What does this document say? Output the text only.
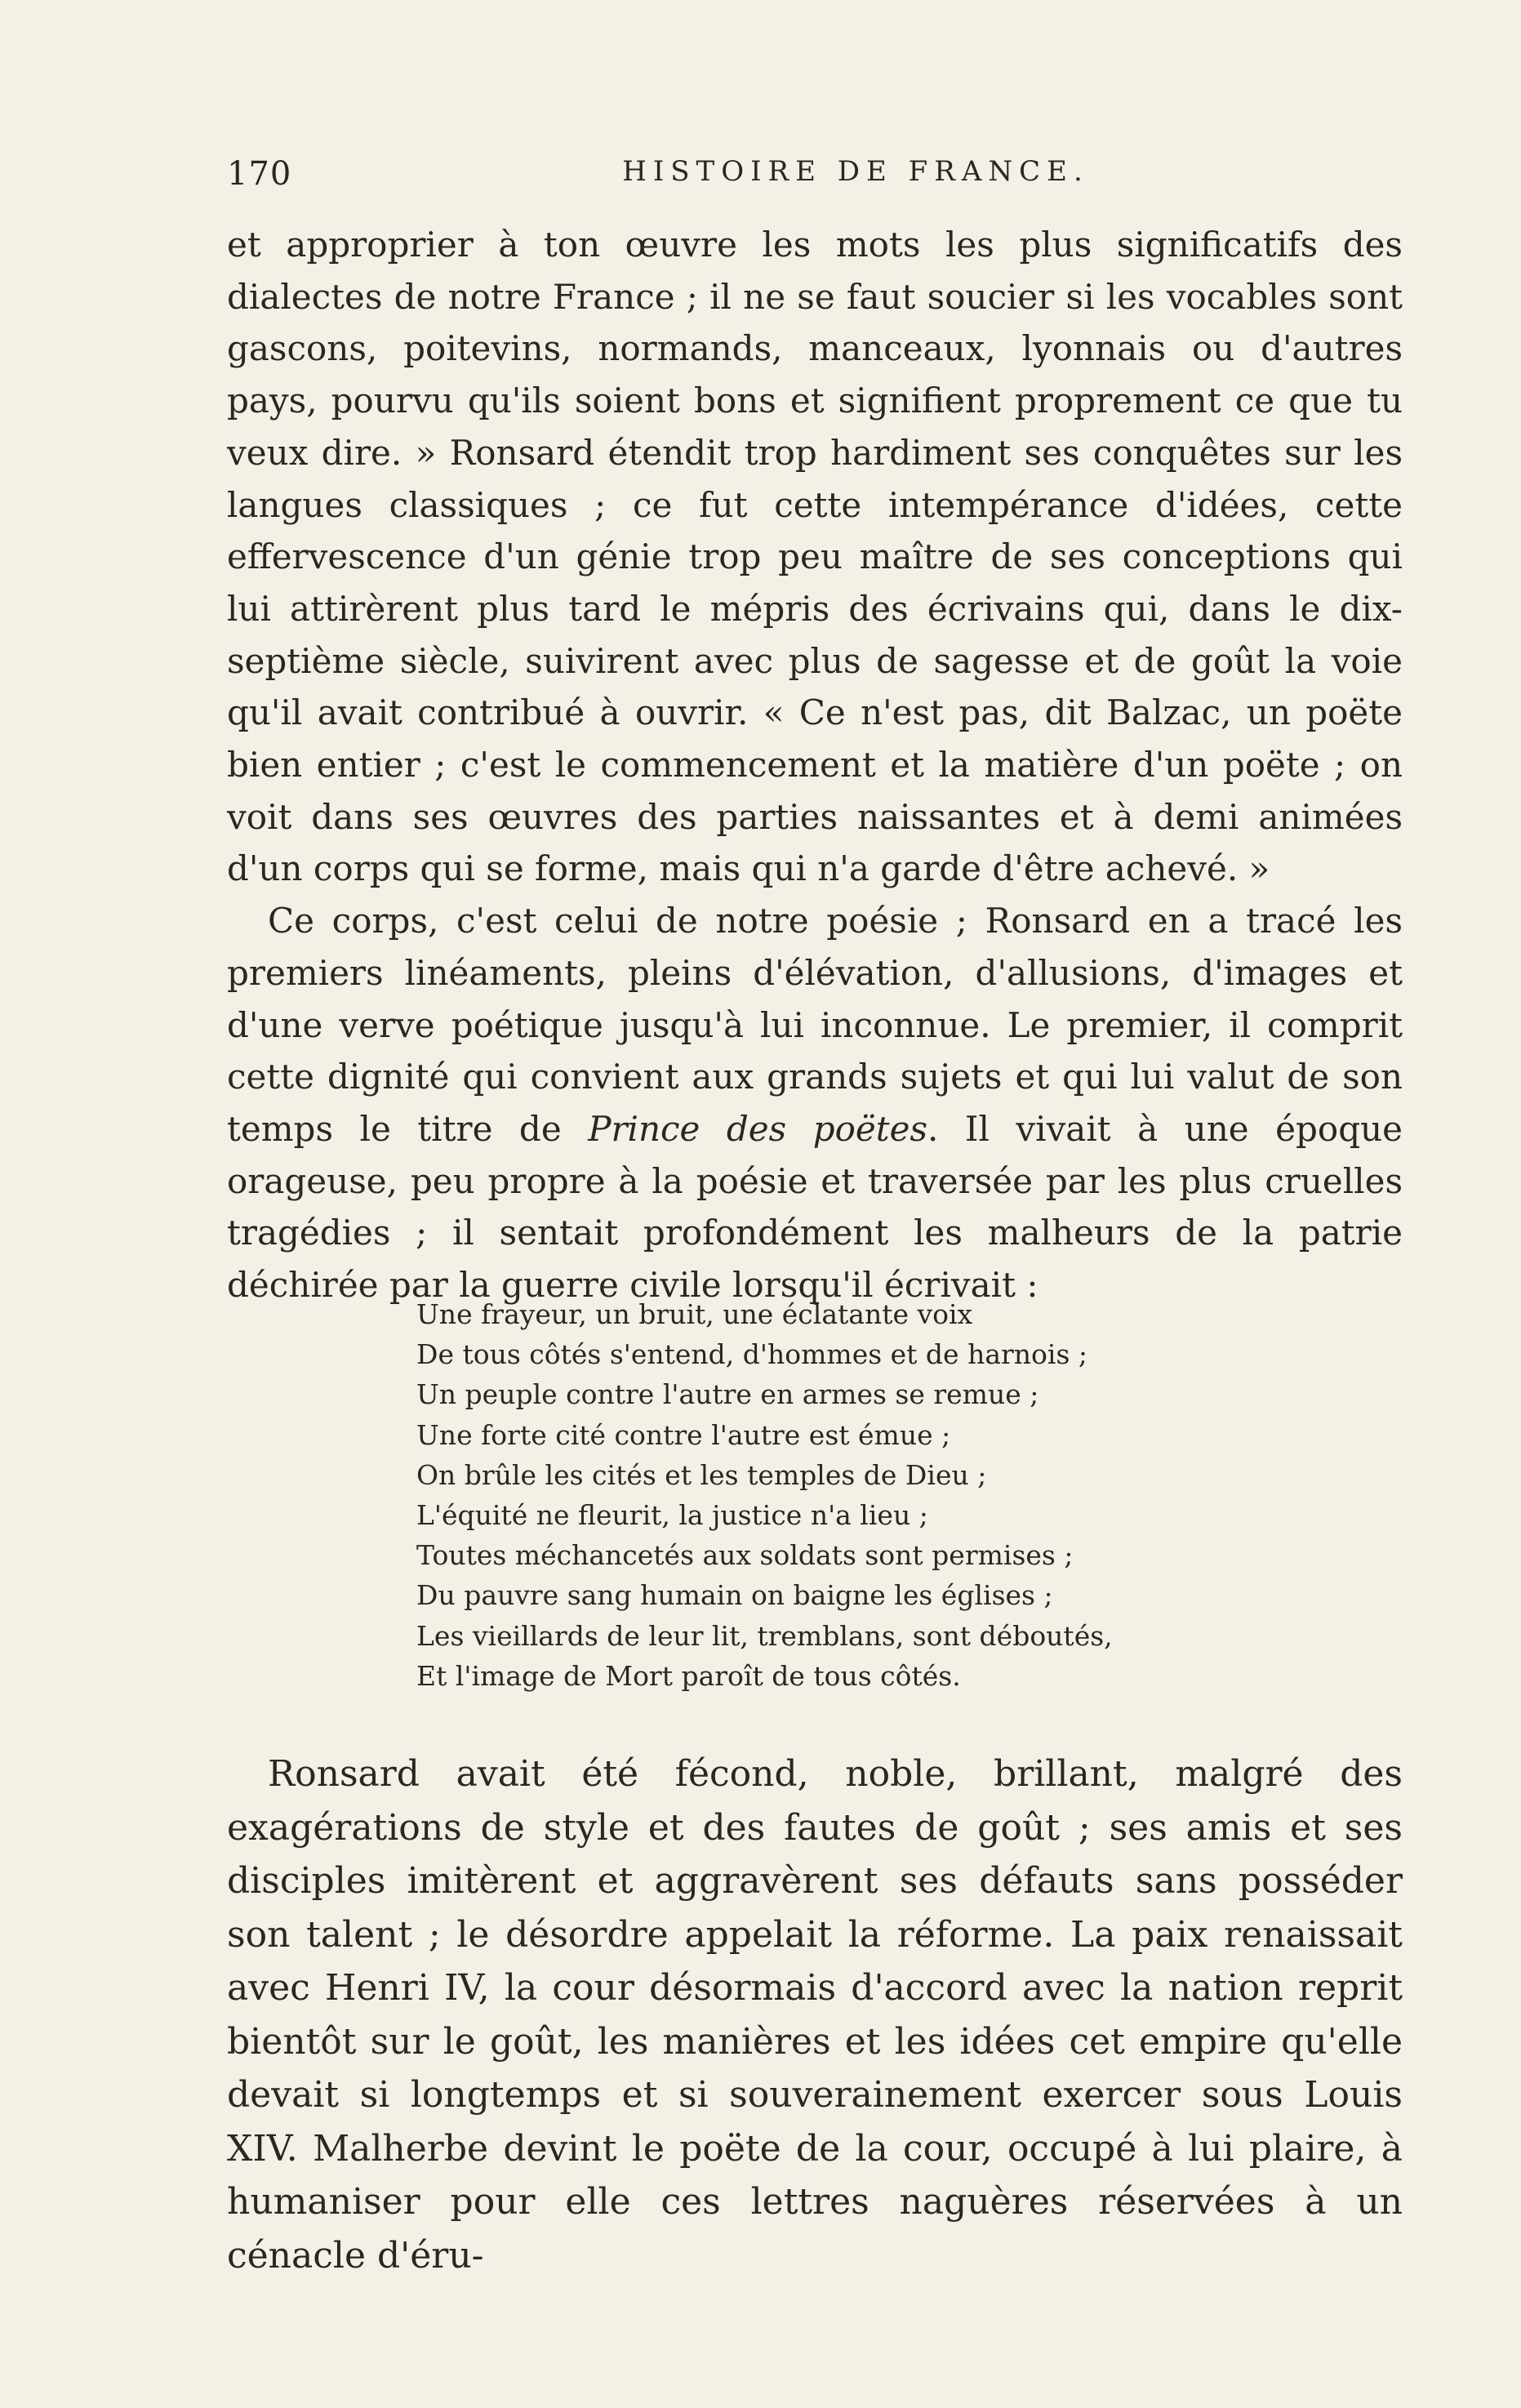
170	HISTOIRE DE FRANCE.

et approprier à ton œuvre les mots les plus significatifs des dialectes de notre France ; il ne se faut soucier si les vocables sont gascons, poitevins, normands, manceaux, lyonnais ou d'autres pays, pourvu qu'ils soient bons et signifient proprement ce que tu veux dire. » Ronsard étendit trop hardiment ses conquêtes sur les langues classiques ; ce fut cette intempérance d'idées, cette effervescence d'un génie trop peu maître de ses conceptions qui lui attirèrent plus tard le mépris des écrivains qui, dans le dix-septième siècle, suivirent avec plus de sagesse et de goût la voie qu'il avait contribué à ouvrir. « Ce n'est pas, dit Balzac, un poëte bien entier ; c'est le commencement et la matière d'un poëte ; on voit dans ses œuvres des parties naissantes et à demi animées d'un corps qui se forme, mais qui n'a garde d'être achevé. »

Ce corps, c'est celui de notre poésie ; Ronsard en a tracé les premiers linéaments, pleins d'élévation, d'allusions, d'images et d'une verve poétique jusqu'à lui inconnue. Le premier, il comprit cette dignité qui convient aux grands sujets et qui lui valut de son temps le titre de Prince des poëtes. Il vivait à une époque orageuse, peu propre à la poésie et traversée par les plus cruelles tragédies ; il sentait profondément les malheurs de la patrie déchirée par la guerre civile lorsqu'il écrivait :

Une frayeur, un bruit, une éclatante voix
De tous côtés s'entend, d'hommes et de harnois ;
Un peuple contre l'autre en armes se remue ;
Une forte cité contre l'autre est émue ;
On brûle les cités et les temples de Dieu ;
L'équité ne fleurit, la justice n'a lieu ;
Toutes méchancetés aux soldats sont permises ;
Du pauvre sang humain on baigne les églises ;
Les vieillards de leur lit, tremblans, sont déboutés,
Et l'image de Mort paroît de tous côtés.

Ronsard avait été fécond, noble, brillant, malgré des exagérations de style et des fautes de goût ; ses amis et ses disciples imitèrent et aggravèrent ses défauts sans posséder son talent ; le désordre appelait la réforme. La paix renaissait avec Henri IV, la cour désormais d'accord avec la nation reprit bientôt sur le goût, les manières et les idées cet empire qu'elle devait si longtemps et si souverainement exercer sous Louis XIV. Malherbe devint le poëte de la cour, occupé à lui plaire, à humaniser pour elle ces lettres naguères réservées à un cénacle d'éru-
